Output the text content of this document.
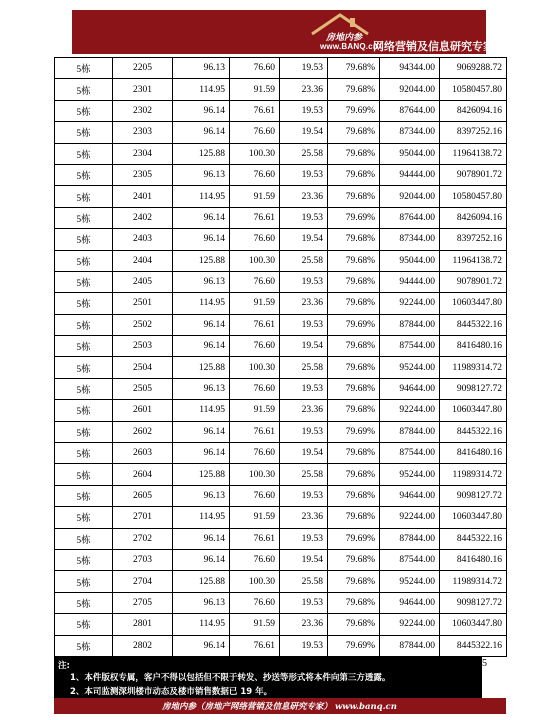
房地内参
www.BANQ.cn
网络营销及信息研究专家
5栋	2205	96.13	76.60	19.53	79.68%	94344.00	9069288.72
5栋	2301	114.95	91.59	23.36	79.68%	92044.00	10580457.80
5栋	2302	96.14	76.61	19.53	79.69%	87644.00	8426094.16
5栋	2303	96.14	76.60	19.54	79.68%	87344.00	8397252.16
5栋	2304	125.88	100.30	25.58	79.68%	95044.00	11964138.72
5栋	2305	96.13	76.60	19.53	79.68%	94444.00	9078901.72
5栋	2401	114.95	91.59	23.36	79.68%	92044.00	10580457.80
5栋	2402	96.14	76.61	19.53	79.69%	87644.00	8426094.16
5栋	2403	96.14	76.60	19.54	79.68%	87344.00	8397252.16
5栋	2404	125.88	100.30	25.58	79.68%	95044.00	11964138.72
5栋	2405	96.13	76.60	19.53	79.68%	94444.00	9078901.72
5栋	2501	114.95	91.59	23.36	79.68%	92244.00	10603447.80
5栋	2502	96.14	76.61	19.53	79.69%	87844.00	8445322.16
5栋	2503	96.14	76.60	19.54	79.68%	87544.00	8416480.16
5栋	2504	125.88	100.30	25.58	79.68%	95244.00	11989314.72
5栋	2505	96.13	76.60	19.53	79.68%	94644.00	9098127.72
5栋	2601	114.95	91.59	23.36	79.68%	92244.00	10603447.80
5栋	2602	96.14	76.61	19.53	79.69%	87844.00	8445322.16
5栋	2603	96.14	76.60	19.54	79.68%	87544.00	8416480.16
5栋	2604	125.88	100.30	25.58	79.68%	95244.00	11989314.72
5栋	2605	96.13	76.60	19.53	79.68%	94644.00	9098127.72
5栋	2701	114.95	91.59	23.36	79.68%	92244.00	10603447.80
5栋	2702	96.14	76.61	19.53	79.69%	87844.00	8445322.16
5栋	2703	96.14	76.60	19.54	79.68%	87544.00	8416480.16
5栋	2704	125.88	100.30	25.58	79.68%	95244.00	11989314.72
5栋	2705	96.13	76.60	19.53	79.68%	94644.00	9098127.72
5栋	2801	114.95	91.59	23.36	79.68%	92244.00	10603447.80
5栋	2802	96.14	76.61	19.53	79.69%	87844.00	8445322.16
5
注:
1、本件版权专属，客户不得以包括但不限于转发、抄送等形式将本件向第三方透露。
2、本司监测深圳楼市动态及楼市销售数据已 19 年。
房地内参（房地产网络营销及信息研究专家） www.banq.cn
